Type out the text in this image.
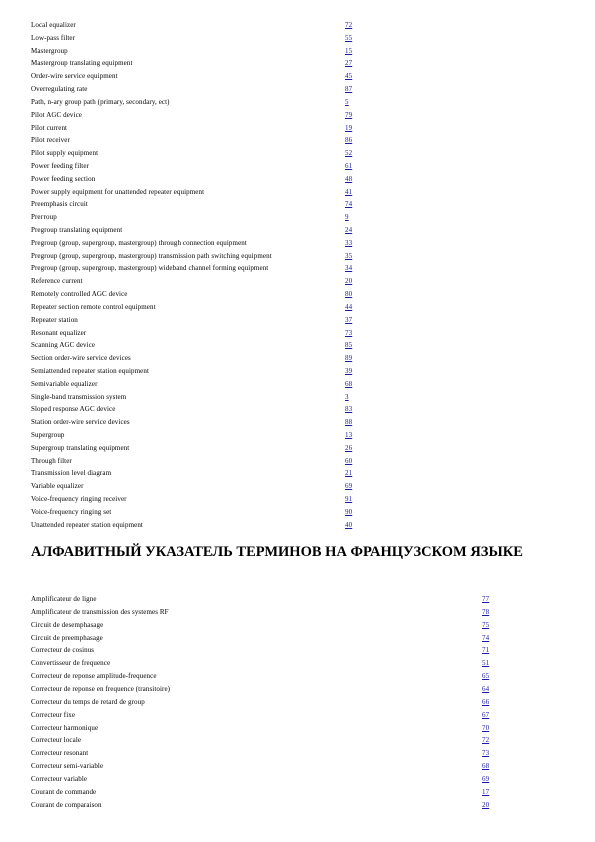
Local equalizer	72
Low-pass filter	55
Mastergroup	15
Mastergroup translating equipment	27
Order-wire service equipment	45
Overregulating rate	87
Path, n-ary group path (primary, secondary, ect)	5
Pilot AGC device	79
Pilot current	19
Pilot receiver	86
Pilot supply equipment	52
Power feeding filter	61
Power feeding section	48
Power supply equipment for unattended repeater equipment	41
Preemphasis circuit	74
Prегroup	9
Pregroup translating equipment	24
Pregroup (group, supergroup, mastergroup) through connection equipment	33
Pregroup (group, supergroup, mastergroup) transmission path switching equipment	35
Pregroup (group, supergroup, mastergroup) wideband channel forming equipment	34
Reference current	20
Remotely controlled AGC device	80
Repeater section remote control equipment	44
Repeater station	37
Resonant equalizer	73
Scanning AGC device	85
Section order-wire service devices	89
Semiattended repeater station equipment	39
Semivariable equalizer	68
Single-band transmission system	3
Sloped response AGC device	83
Station order-wire service devices	88
Supergroup	13
Supergroup translating equipment	26
Through filter	60
Transmission level diagram	21
Variable equalizer	69
Voice-frequency ringing receiver	91
Voice-frequency ringing set	90
Unattended repeater station equipment	40
АЛФАВИТНЫЙ УКАЗАТЕЛЬ ТЕРМИНОВ НА ФРАНЦУЗСКОМ ЯЗЫКЕ
Amplificateur de ligne	77
Amplificateur de transmission des systemes RF	78
Circuit de desemphasage	75
Circuit de preemphasage	74
Correcteur de cosinus	71
Convertisseur de frequence	51
Correcteur de reponse amplitude-frequence	65
Correcteur de reponse en frequence (transitoire)	64
Correcteur du temps de retard de group	66
Correcteur fixe	67
Correcteur harmonique	70
Correcteur locale	72
Correcteur resonant	73
Correcteur semi-variable	68
Correcteur variable	69
Courant de commande	17
Courant de comparaison	20
